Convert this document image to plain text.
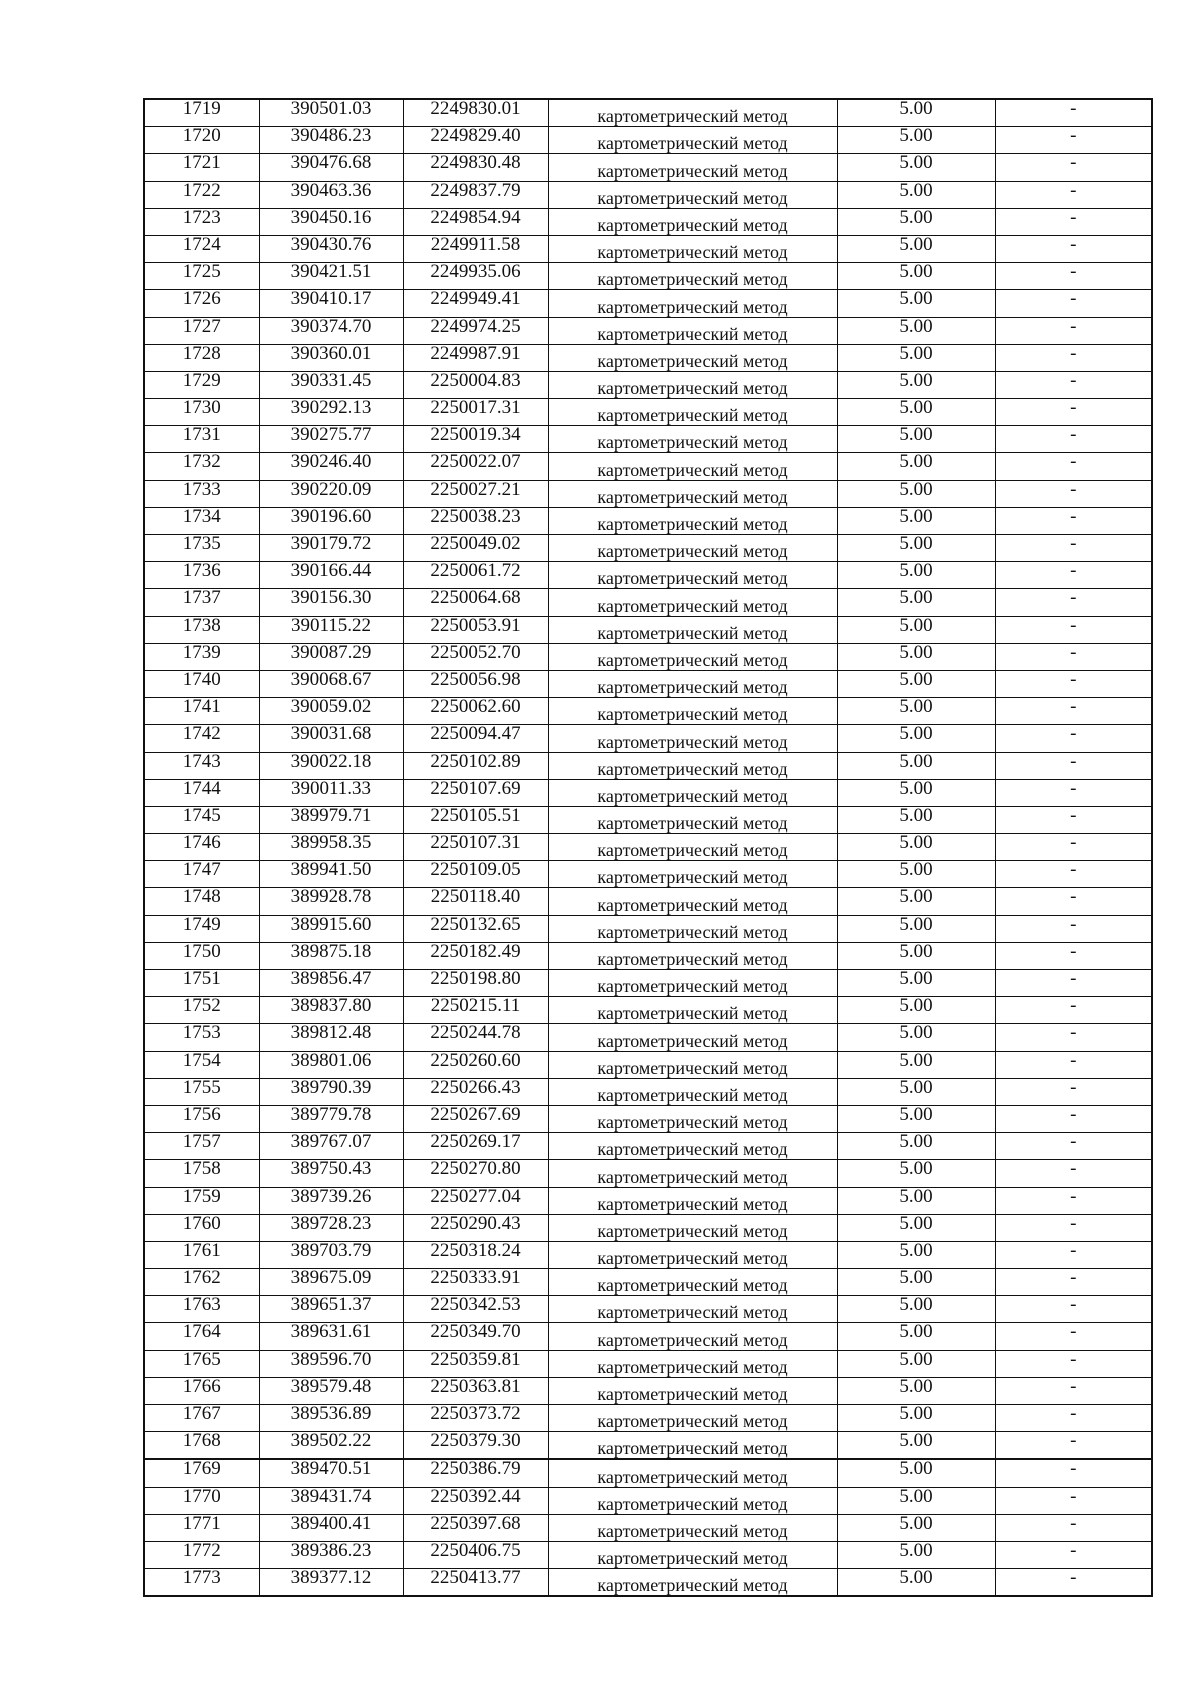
1719	390501.03	2249830.01	картометрический метод	5.00	-
1720	390486.23	2249829.40	картометрический метод	5.00	-
1721	390476.68	2249830.48	картометрический метод	5.00	-
1722	390463.36	2249837.79	картометрический метод	5.00	-
1723	390450.16	2249854.94	картометрический метод	5.00	-
1724	390430.76	2249911.58	картометрический метод	5.00	-
1725	390421.51	2249935.06	картометрический метод	5.00	-
1726	390410.17	2249949.41	картометрический метод	5.00	-
1727	390374.70	2249974.25	картометрический метод	5.00	-
1728	390360.01	2249987.91	картометрический метод	5.00	-
1729	390331.45	2250004.83	картометрический метод	5.00	-
1730	390292.13	2250017.31	картометрический метод	5.00	-
1731	390275.77	2250019.34	картометрический метод	5.00	-
1732	390246.40	2250022.07	картометрический метод	5.00	-
1733	390220.09	2250027.21	картометрический метод	5.00	-
1734	390196.60	2250038.23	картометрический метод	5.00	-
1735	390179.72	2250049.02	картометрический метод	5.00	-
1736	390166.44	2250061.72	картометрический метод	5.00	-
1737	390156.30	2250064.68	картометрический метод	5.00	-
1738	390115.22	2250053.91	картометрический метод	5.00	-
1739	390087.29	2250052.70	картометрический метод	5.00	-
1740	390068.67	2250056.98	картометрический метод	5.00	-
1741	390059.02	2250062.60	картометрический метод	5.00	-
1742	390031.68	2250094.47	картометрический метод	5.00	-
1743	390022.18	2250102.89	картометрический метод	5.00	-
1744	390011.33	2250107.69	картометрический метод	5.00	-
1745	389979.71	2250105.51	картометрический метод	5.00	-
1746	389958.35	2250107.31	картометрический метод	5.00	-
1747	389941.50	2250109.05	картометрический метод	5.00	-
1748	389928.78	2250118.40	картометрический метод	5.00	-
1749	389915.60	2250132.65	картометрический метод	5.00	-
1750	389875.18	2250182.49	картометрический метод	5.00	-
1751	389856.47	2250198.80	картометрический метод	5.00	-
1752	389837.80	2250215.11	картометрический метод	5.00	-
1753	389812.48	2250244.78	картометрический метод	5.00	-
1754	389801.06	2250260.60	картометрический метод	5.00	-
1755	389790.39	2250266.43	картометрический метод	5.00	-
1756	389779.78	2250267.69	картометрический метод	5.00	-
1757	389767.07	2250269.17	картометрический метод	5.00	-
1758	389750.43	2250270.80	картометрический метод	5.00	-
1759	389739.26	2250277.04	картометрический метод	5.00	-
1760	389728.23	2250290.43	картометрический метод	5.00	-
1761	389703.79	2250318.24	картометрический метод	5.00	-
1762	389675.09	2250333.91	картометрический метод	5.00	-
1763	389651.37	2250342.53	картометрический метод	5.00	-
1764	389631.61	2250349.70	картометрический метод	5.00	-
1765	389596.70	2250359.81	картометрический метод	5.00	-
1766	389579.48	2250363.81	картометрический метод	5.00	-
1767	389536.89	2250373.72	картометрический метод	5.00	-
1768	389502.22	2250379.30	картометрический метод	5.00	-
1769	389470.51	2250386.79	картометрический метод	5.00	-
1770	389431.74	2250392.44	картометрический метод	5.00	-
1771	389400.41	2250397.68	картометрический метод	5.00	-
1772	389386.23	2250406.75	картометрический метод	5.00	-
1773	389377.12	2250413.77	картометрический метод	5.00	-
